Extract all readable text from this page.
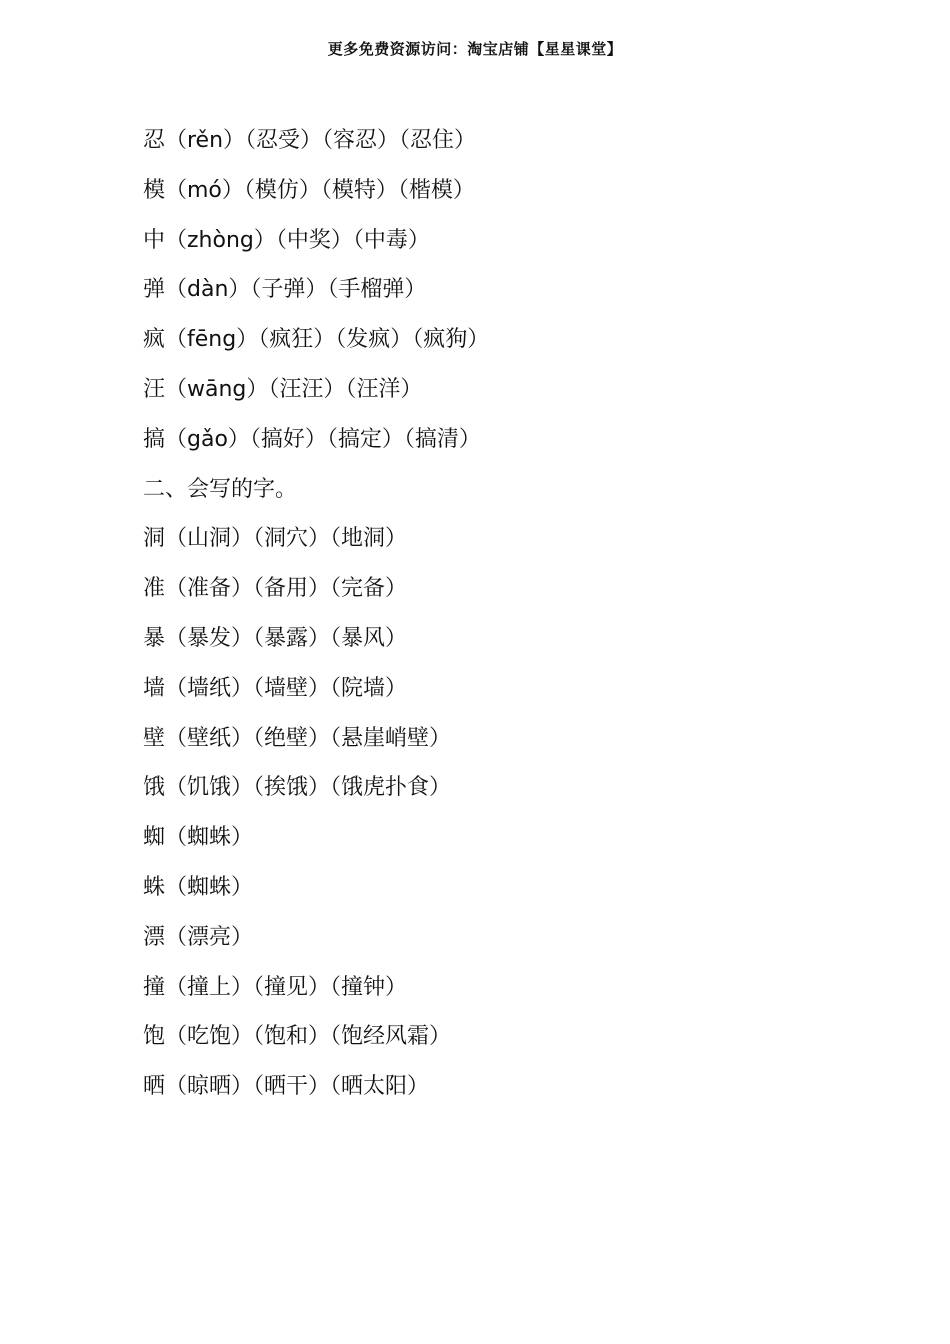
更多免费资源访问：淘宝店铺【星星课堂】
忍（rěn）（忍受）（容忍）（忍住）
模（mó）（模仿）（模特）（楷模）
中（zhòng）（中奖）（中毒）
弹（dàn）（子弹）（手榴弹）
疯（fēng）（疯狂）（发疯）（疯狗）
汪（wāng）（汪汪）（汪洋）
搞（gǎo）（搞好）（搞定）（搞清）
二、会写的字。
洞（山洞）（洞穴）（地洞）
准（准备）（备用）（完备）
暴（暴发）（暴露）（暴风）
墙（墙纸）（墙壁）（院墙）
壁（壁纸）（绝壁）（悬崖峭壁）
饿（饥饿）（挨饿）（饿虎扑食）
蜘（蜘蛛）
蛛（蜘蛛）
漂（漂亮）
撞（撞上）（撞见）（撞钟）
饱（吃饱）（饱和）（饱经风霜）
晒（晾晒）（晒干）（晒太阳）
